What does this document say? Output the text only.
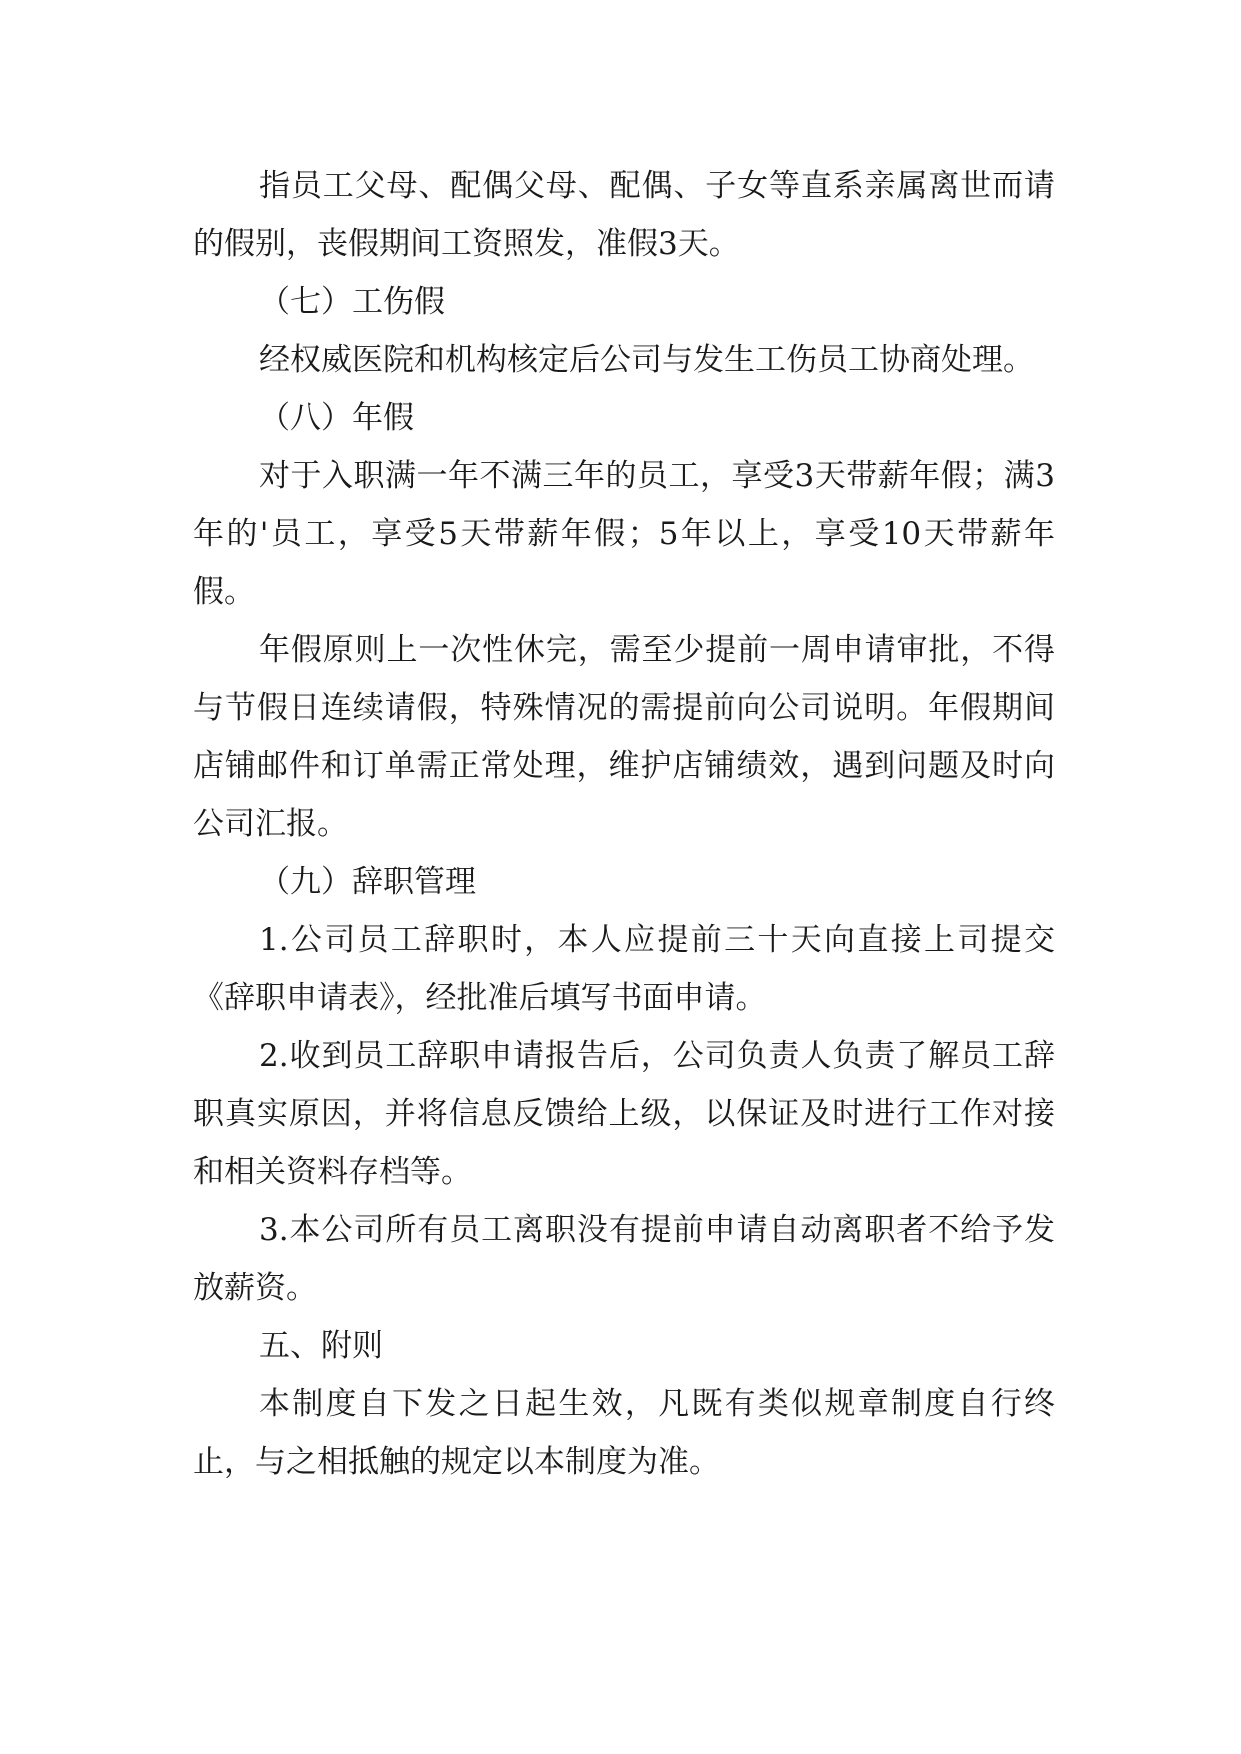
指员工父母、配偶父母、配偶、子女等直系亲属离世而请的假别，丧假期间工资照发，准假3天。

（七）工伤假

经权威医院和机构核定后公司与发生工伤员工协商处理。

（八）年假

对于入职满一年不满三年的员工，享受3天带薪年假；满3年的'员工，享受5天带薪年假；5年以上，享受10天带薪年假。

年假原则上一次性休完，需至少提前一周申请审批，不得与节假日连续请假，特殊情况的需提前向公司说明。年假期间店铺邮件和订单需正常处理，维护店铺绩效，遇到问题及时向公司汇报。

（九）辞职管理

1.公司员工辞职时，本人应提前三十天向直接上司提交《辞职申请表》，经批准后填写书面申请。

2.收到员工辞职申请报告后，公司负责人负责了解员工辞职真实原因，并将信息反馈给上级，以保证及时进行工作对接和相关资料存档等。

3.本公司所有员工离职没有提前申请自动离职者不给予发放薪资。

五、附则

本制度自下发之日起生效，凡既有类似规章制度自行终止，与之相抵触的规定以本制度为准。
